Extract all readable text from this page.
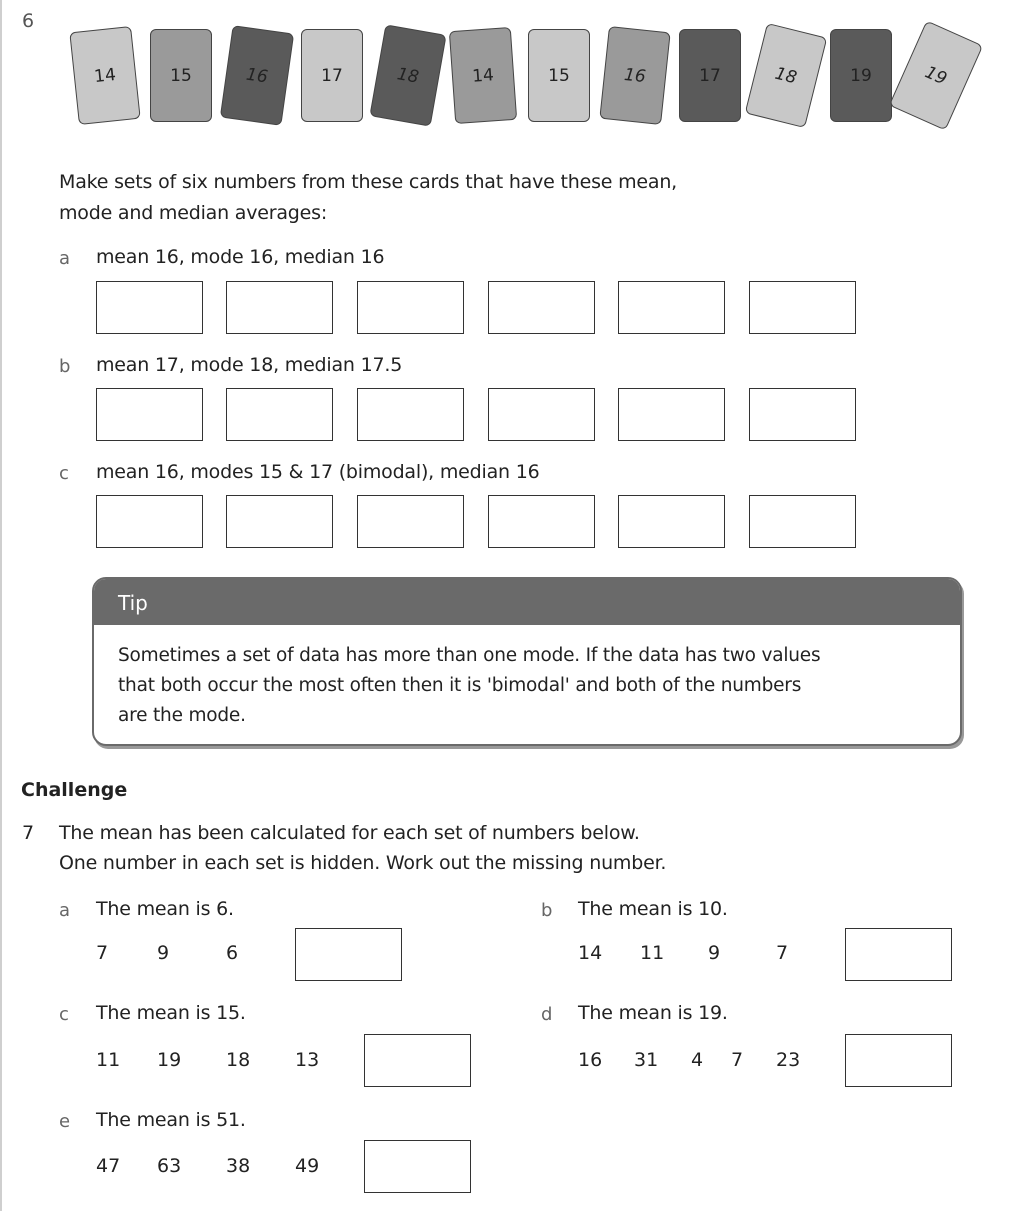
6
14	15	16	17	18	14	15	16	17	18	19	19
Make sets of six numbers from these cards that have these mean,
mode and median averages:
a mean 16, mode 16, median 16
b mean 17, mode 18, median 17.5
c mean 16, modes 15 & 17 (bimodal), median 16
Tip
Sometimes a set of data has more than one mode. If the data has two values
that both occur the most often then it is 'bimodal' and both of the numbers
are the mode.
Challenge
7 The mean has been calculated for each set of numbers below.
One number in each set is hidden. Work out the missing number.
a The mean is 6.
7	9	6
b The mean is 10.
14 11 9	7
c The mean is 15.
11 19 18 13
d The mean is 19.
16 31 4 7 23
e The mean is 51.
47 63 38 49
